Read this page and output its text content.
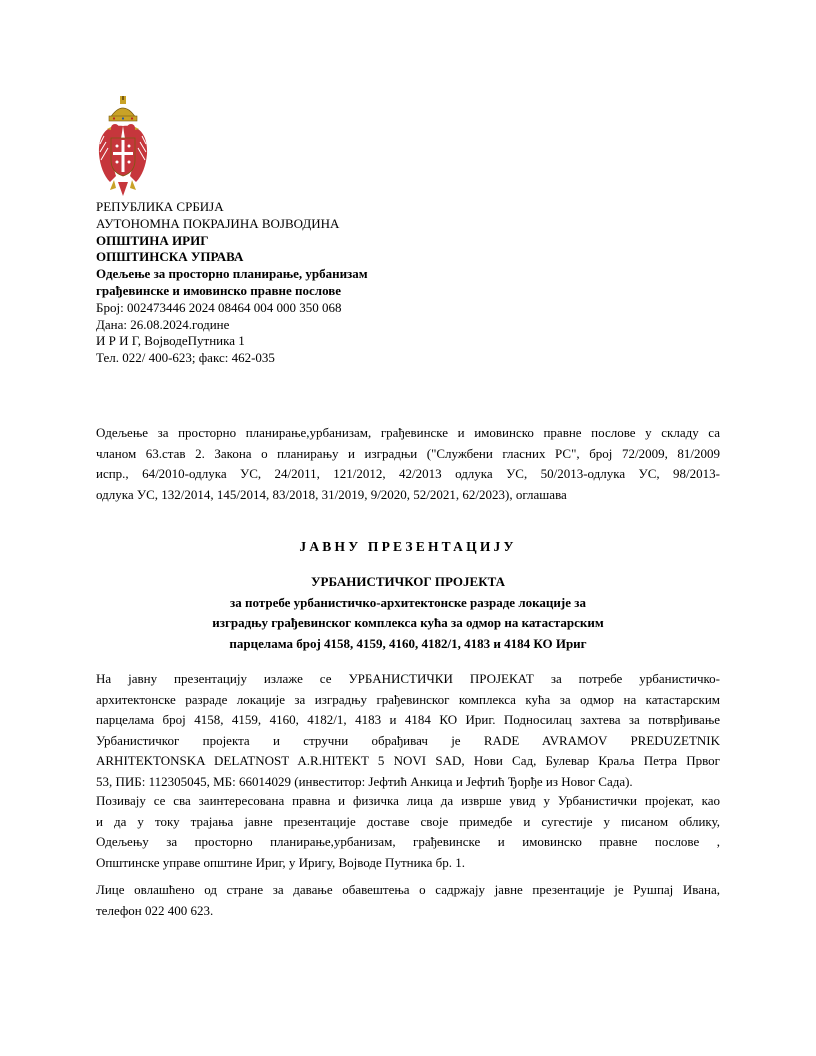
РЕПУБЛИКА СРБИЈА
АУТОНОМНА ПОКРАЈИНА ВОЈВОДИНА
ОПШТИНА ИРИГ
ОПШТИНСКА УПРАВА
Одељење за просторно планирање, урбанизам
грађевинске и имовинско правне послове
Број: 002473446 2024 08464 004 000 350 068
Дана: 26.08.2024.године
И Р И Г, ВојводеПутника 1
Тел. 022/ 400-623; факс: 462-035
Одељење за просторно планирање,урбанизам, грађевинске и имовинско правне послове у складу са
чланом 63.став 2. Закона о планирању и изградњи ("Службени гласних РС", број 72/2009, 81/2009
испр., 64/2010-одлука УС, 24/2011, 121/2012, 42/2013 одлука УС, 50/2013-одлука УС, 98/2013-
одлука УС, 132/2014, 145/2014, 83/2018, 31/2019, 9/2020, 52/2021, 62/2023), оглашава
ЈАВНУ ПРЕЗЕНТАЦИЈУ
УРБАНИСТИЧКОГ ПРОЈЕКТА
за потребе урбанистичко-архитектонске разраде локације за
изградњу грађевинског комплекса кућа за одмор на катастарским
парцелама број 4158, 4159, 4160, 4182/1, 4183 и 4184 КО Ириг
На јавну презентацију излаже се УРБАНИСТИЧКИ ПРОЈЕКАТ за потребе урбанистичко-
архитектонске разраде локације за изградњу грађевинског комплекса кућа за одмор на катастарским
парцелама број 4158, 4159, 4160, 4182/1, 4183 и 4184 КО Ириг. Подносилац захтева за потврђивање
Урбанистичког пројекта и стручни обрађивач је RADE AVRAMOV PREDUZETNIK
ARHITEKTONSKA DELATNOST A.R.HITEKT 5 NOVI SAD, Нови Сад, Булевар Краља Петра Првог
53, ПИБ: 112305045, МБ: 66014029 (инвеститор: Јефтић Анкица и Јефтић Ђорђе из Новог Сада).
Позивају се сва заинтересована правна и физичка лица да изврше увид у Урбанистички пројекат, као
и да у току трајања јавне презентације доставе своје примедбе и сугестије у писаном облику,
Одељењу за просторно планирање,урбанизам, грађевинске и имовинско правне послове ,
Општинске управе општине Ириг, у Иригу, Војводе Путника бр. 1.
Лице овлашћено од стране за давање обавештења о садржају јавне презентације је Рушпај Ивана,
телефон 022 400 623.
